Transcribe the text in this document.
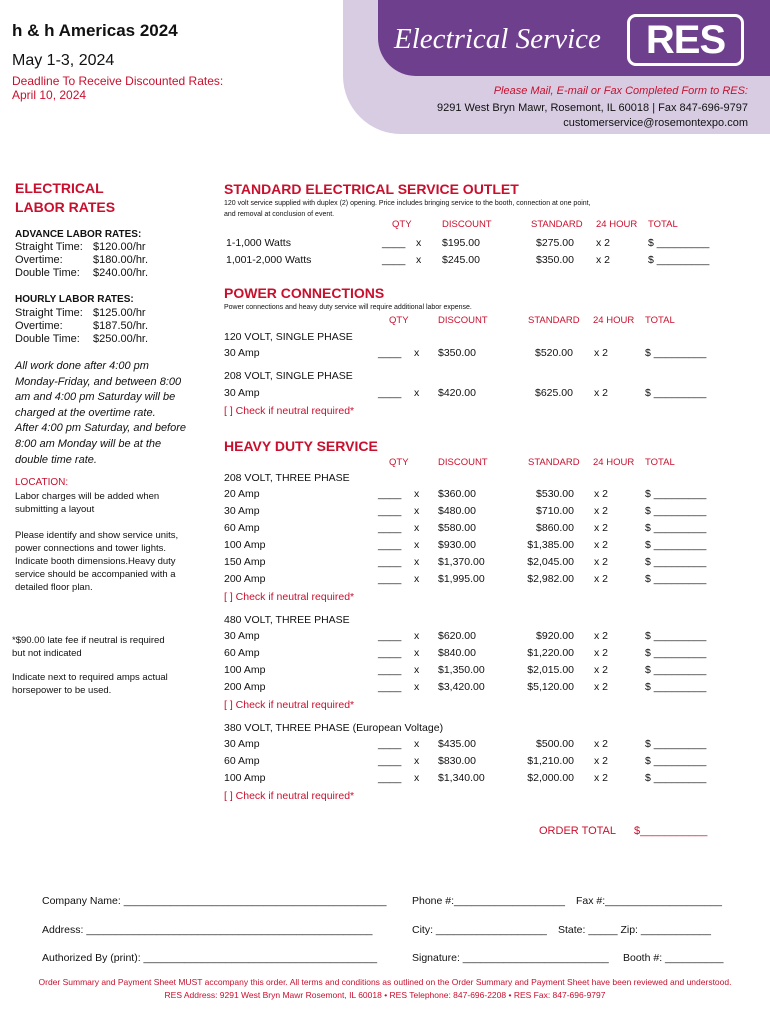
h & h Americas 2024
May 1-3, 2024
Deadline To Receive Discounted Rates:
April 10, 2024
Electrical Service	RES
Please Mail, E-mail or Fax Completed Form to RES:
9291 West Bryn Mawr, Rosemont, IL 60018 | Fax 847-696-9797
customerservice@rosemontexpo.com
ELECTRICAL
LABOR RATES
ADVANCE LABOR RATES:
Straight Time: $120.00/hr
Overtime:	$180.00/hr.
Double Time: $240.00/hr.
HOURLY LABOR RATES:
Straight Time: $125.00/hr
Overtime:	$187.50/hr.
Double Time: $250.00/hr.
All work done after 4:00 pm
Monday-Friday, and between 8:00
am and 4:00 pm Saturday will be
charged at the overtime rate.
After 4:00 pm Saturday, and before
8:00 am Monday will be at the
double time rate.
LOCATION:
Labor charges will be added when
submitting a layout
Please identify and show service units,
power connections and tower lights.
Indicate booth dimensions.Heavy duty
service should be accompanied with a
detailed floor plan.
*$90.00 late fee if neutral is required
but not indicated
Indicate next to required amps actual
horsepower to be used.
STANDARD ELECTRICAL SERVICE OUTLET
120 volt service supplied with duplex (2) opening. Price includes bringing service to the booth, connection at one point,
and removal at conclusion of event.
QTY	DISCOUNT	STANDARD 24 HOUR TOTAL
1-1,000 Watts	____ x $195.00	$275.00 x 2	$ _________
1,001-2,000 Watts	____ x $245.00	$350.00 x 2	$ _________
POWER CONNECTIONS
Power connections and heavy duty service will require additional labor expense.
QTY	DISCOUNT	STANDARD 24 HOUR TOTAL
120 VOLT, SINGLE PHASE
30 Amp	____ x $350.00	$520.00 x 2	$ _________
208 VOLT, SINGLE PHASE
30 Amp	____ x $420.00	$625.00 x 2	$ _________
[ ] Check if neutral required*
HEAVY DUTY SERVICE
QTY	DISCOUNT	STANDARD 24 HOUR TOTAL
208 VOLT, THREE PHASE
20 Amp	____ x $360.00	$530.00 x 2	$ _________
30 Amp	____ x $480.00	$710.00 x 2	$ _________
60 Amp	____ x $580.00	$860.00 x 2	$ _________
100 Amp	____ x $930.00	$1,385.00 x 2	$ _________
150 Amp	____ x $1,370.00	$2,045.00 x 2	$ _________
200 Amp	____ x $1,995.00	$2,982.00 x 2	$ _________
[ ] Check if neutral required*
480 VOLT, THREE PHASE
30 Amp	____ x $620.00	$920.00 x 2	$ _________
60 Amp	____ x $840.00	$1,220.00 x 2	$ _________
100 Amp	____ x $1,350.00	$2,015.00 x 2	$ _________
200 Amp	____ x $3,420.00	$5,120.00 x 2	$ _________
[ ] Check if neutral required*
380 VOLT, THREE PHASE (European Voltage)
30 Amp	____ x $435.00	$500.00 x 2	$ _________
60 Amp	____ x $830.00	$1,210.00 x 2	$ _________
100 Amp	____ x $1,340.00	$2,000.00 x 2	$ _________
[ ] Check if neutral required*
ORDER TOTAL $___________
Company Name: _____________________________________________ Phone #:___________________ Fax #:____________________
Address: _________________________________________________	City: ___________________ State: _____ Zip: ____________
Authorized By (print): ________________________________________	Signature: _________________________ Booth #: __________
Order Summary and Payment Sheet MUST accompany this order. All terms and conditions as outlined on the Order Summary and Payment Sheet have been reviewed and understood.
RES Address: 9291 West Bryn Mawr Rosemont, IL 60018 • RES Telephone: 847-696-2208 • RES Fax: 847-696-9797
